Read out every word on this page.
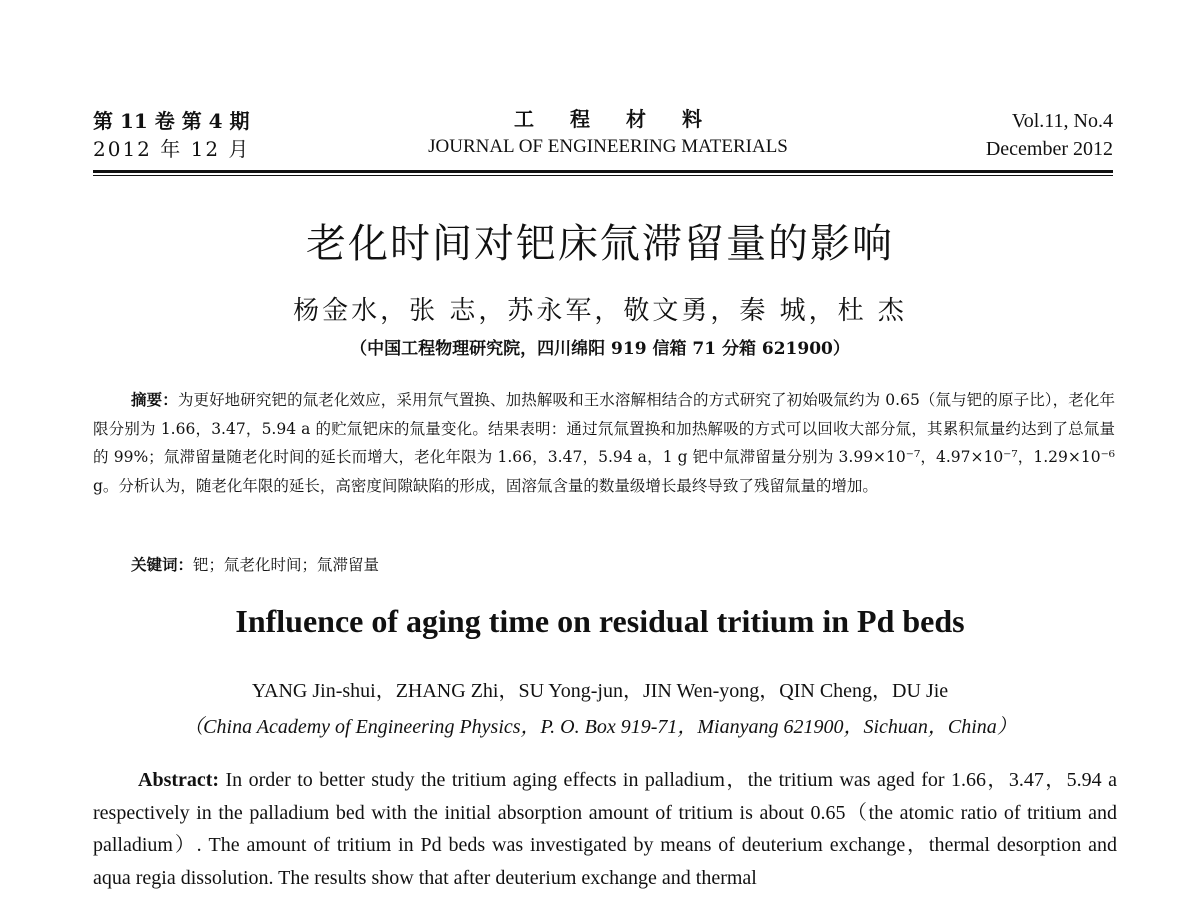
第 11 卷 第 4 期
2012 年 12 月
工程材料
JOURNAL OF ENGINEERING MATERIALS
Vol.11, No.4
December 2012
老化时间对钯床氚滞留量的影响
杨金水，张 志，苏永军，敬文勇，秦 城，杜 杰
（中国工程物理研究院，四川绵阳 919 信箱 71 分箱 621900）
摘要：为更好地研究钯的氚老化效应，采用氘气置换、加热解吸和王水溶解相结合的方式研究了初始吸氚约为 0.65（氚与钯的原子比），老化年限分别为 1.66，3.47，5.94 a 的贮氚钯床的氚量变化。结果表明：通过氘氚置换和加热解吸的方式可以回收大部分氚，其累积氚量约达到了总氚量的 99%；氚滞留量随老化时间的延长而增大，老化年限为 1.66，3.47，5.94 a，1 g 钯中氚滞留量分别为 3.99×10⁻⁷，4.97×10⁻⁷，1.29×10⁻⁶ g。分析认为，随老化年限的延长，高密度间隙缺陷的形成，固溶氚含量的数量级增长最终导致了残留氚量的增加。
关键词：钯；氚老化时间；氚滞留量
Influence of aging time on residual tritium in Pd beds
YANG Jin-shui，ZHANG Zhi，SU Yong-jun，JIN Wen-yong，QIN Cheng，DU Jie
（China Academy of Engineering Physics，P. O. Box 919-71，Mianyang 621900，Sichuan，China）
Abstract: In order to better study the tritium aging effects in palladium，the tritium was aged for 1.66，3.47，5.94 a respectively in the palladium bed with the initial absorption amount of tritium is about 0.65（the atomic ratio of tritium and palladium）. The amount of tritium in Pd beds was investigated by means of deuterium exchange，thermal desorption and aqua regia dissolution. The results show that after deuterium exchange and thermal
